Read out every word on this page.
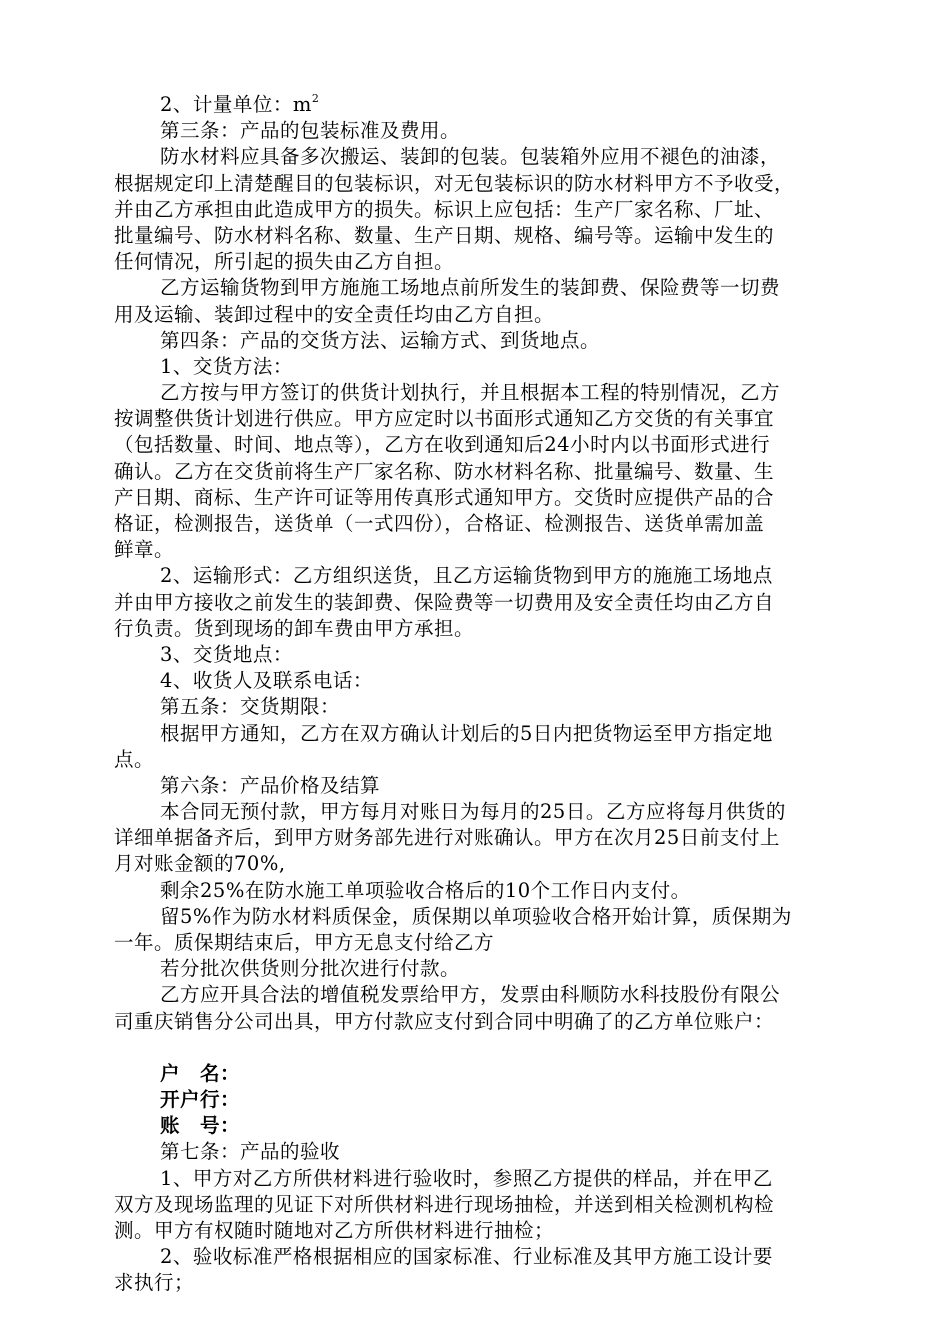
2、计量单位：$m^2$
第三条：产品的包装标准及费用。
防水材料应具备多次搬运、装卸的包装。包装箱外应用不褪色的油漆，
根据规定印上清楚醒目的包装标识，对无包装标识的防水材料甲方不予收受，
并由乙方承担由此造成甲方的损失。标识上应包括：生产厂家名称、厂址、
批量编号、防水材料名称、数量、生产日期、规格、编号等。运输中发生的
任何情况，所引起的损失由乙方自担。
乙方运输货物到甲方施施工场地点前所发生的装卸费、保险费等一切费
用及运输、装卸过程中的安全责任均由乙方自担。
第四条：产品的交货方法、运输方式、到货地点。
1、交货方法：
乙方按与甲方签订的供货计划执行，并且根据本工程的特别情况，乙方
按调整供货计划进行供应。甲方应定时以书面形式通知乙方交货的有关事宜
（包括数量、时间、地点等），乙方在收到通知后24小时内以书面形式进行
确认。乙方在交货前将生产厂家名称、防水材料名称、批量编号、数量、生
产日期、商标、生产许可证等用传真形式通知甲方。交货时应提供产品的合
格证，检测报告，送货单（一式四份），合格证、检测报告、送货单需加盖
鲜章。
2、运输形式：乙方组织送货，且乙方运输货物到甲方的施施工场地点
并由甲方接收之前发生的装卸费、保险费等一切费用及安全责任均由乙方自
行负责。货到现场的卸车费由甲方承担。
3、交货地点：
4、收货人及联系电话：
第五条：交货期限：
根据甲方通知，乙方在双方确认计划后的5日内把货物运至甲方指定地
点。
第六条：产品价格及结算
本合同无预付款，甲方每月对账日为每月的25日。乙方应将每月供货的
详细单据备齐后，到甲方财务部先进行对账确认。甲方在次月25日前支付上
月对账金额的70%,
剩余25%在防水施工单项验收合格后的10个工作日内支付。
留5%作为防水材料质保金，质保期以单项验收合格开始计算，质保期为
一年。质保期结束后，甲方无息支付给乙方
若分批次供货则分批次进行付款。
乙方应开具合法的增值税发票给甲方，发票由科顺防水科技股份有限公
司重庆销售分公司出具，甲方付款应支付到合同中明确了的乙方单位账户：
户　名：
开户行：
账　号：
第七条：产品的验收
1、甲方对乙方所供材料进行验收时，参照乙方提供的样品，并在甲乙
双方及现场监理的见证下对所供材料进行现场抽检，并送到相关检测机构检
测。甲方有权随时随地对乙方所供材料进行抽检；
2、验收标准严格根据相应的国家标准、行业标准及其甲方施工设计要
求执行；
